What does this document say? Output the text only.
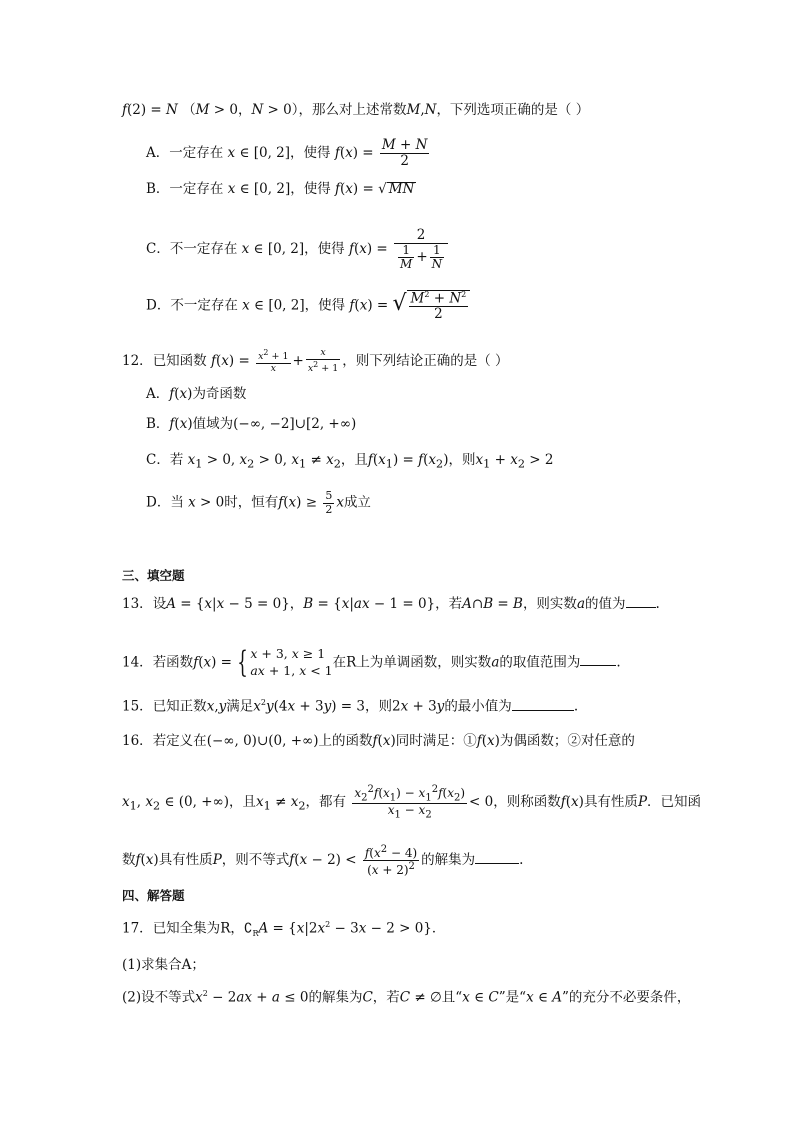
f(2) = N （M > 0，N > 0），那么对上述常数M,N，下列选项正确的是（ ）
A．一定存在 x ∈ [0, 2]，使得 $f(x) = \frac{M + N}{2}$
B．一定存在 x ∈ [0, 2]，使得 f(x) = √ MN
C．不一定存在 x ∈ [0, 2]，使得 $f(x) = \frac{2}{\frac{1}{M} + \frac{1}{N}}$
D．不一定存在 x ∈ [0, 2]，使得 f(x) = √ $\frac{M^2 + N^2}{2}$
12．已知函数 $f(x) = \frac{x^2 + 1}{x} + \frac{x}{x^2 + 1}$ ，则下列结论正确的是（ ）
A．f(x)为奇函数
B．f(x)值域为(−∞, −2]∪[2, +∞)
C．若 $x_1 > 0$, $x_2 > 0$, $x_1 \ne x_2$，且$f(x_1) = f(x_2)$，则$x_1 + x_2 > 2$
D．当 x > 0时，恒有$f(x) \ge \frac{5}{2}$ x成立
三、填空题
13．设A = {x|x − 5 = 0}，B = {x|ax − 1 = 0}，若A∩B = B，则实数a的值为 .
14．若函数f(x) = { x + 3, x ≥ 1
ax + 1, x < 1 在R上为单调函数，则实数a的取值范围为	.
15．已知正数x,y满足$x^2y(4x + 3y) = 3$，则2x + 3y的最小值为	.
16．若定义在(−∞, 0)∪(0, +∞)上的函数f(x)同时满足：①f(x)为偶函数；②对任意的
$x_1$, $x_2$ ∈ (0, +∞)，且$x_1 \ne x_2$，都有 $\frac{x_2^2f(x_1) - x_1^2f(x_2)}{x_1 - x_2} < 0$，则称函数f(x)具有性质P．已知函
数f(x)具有性质P，则不等式$f(x - 2) < \frac{f(x^2 - 4)}{(x + 2)^2}$ 的解集为	.
四、解答题
17．已知全集为R，$∁_RA = \{x|2x^2 - 3x - 2 > 0\}$．
(1)求集合A；
(2)设不等式$x^2 - 2ax + a \le 0$的解集为C，若C ≠ ∅且“x ∈ C”是“x ∈ A”的充分不必要条件，
